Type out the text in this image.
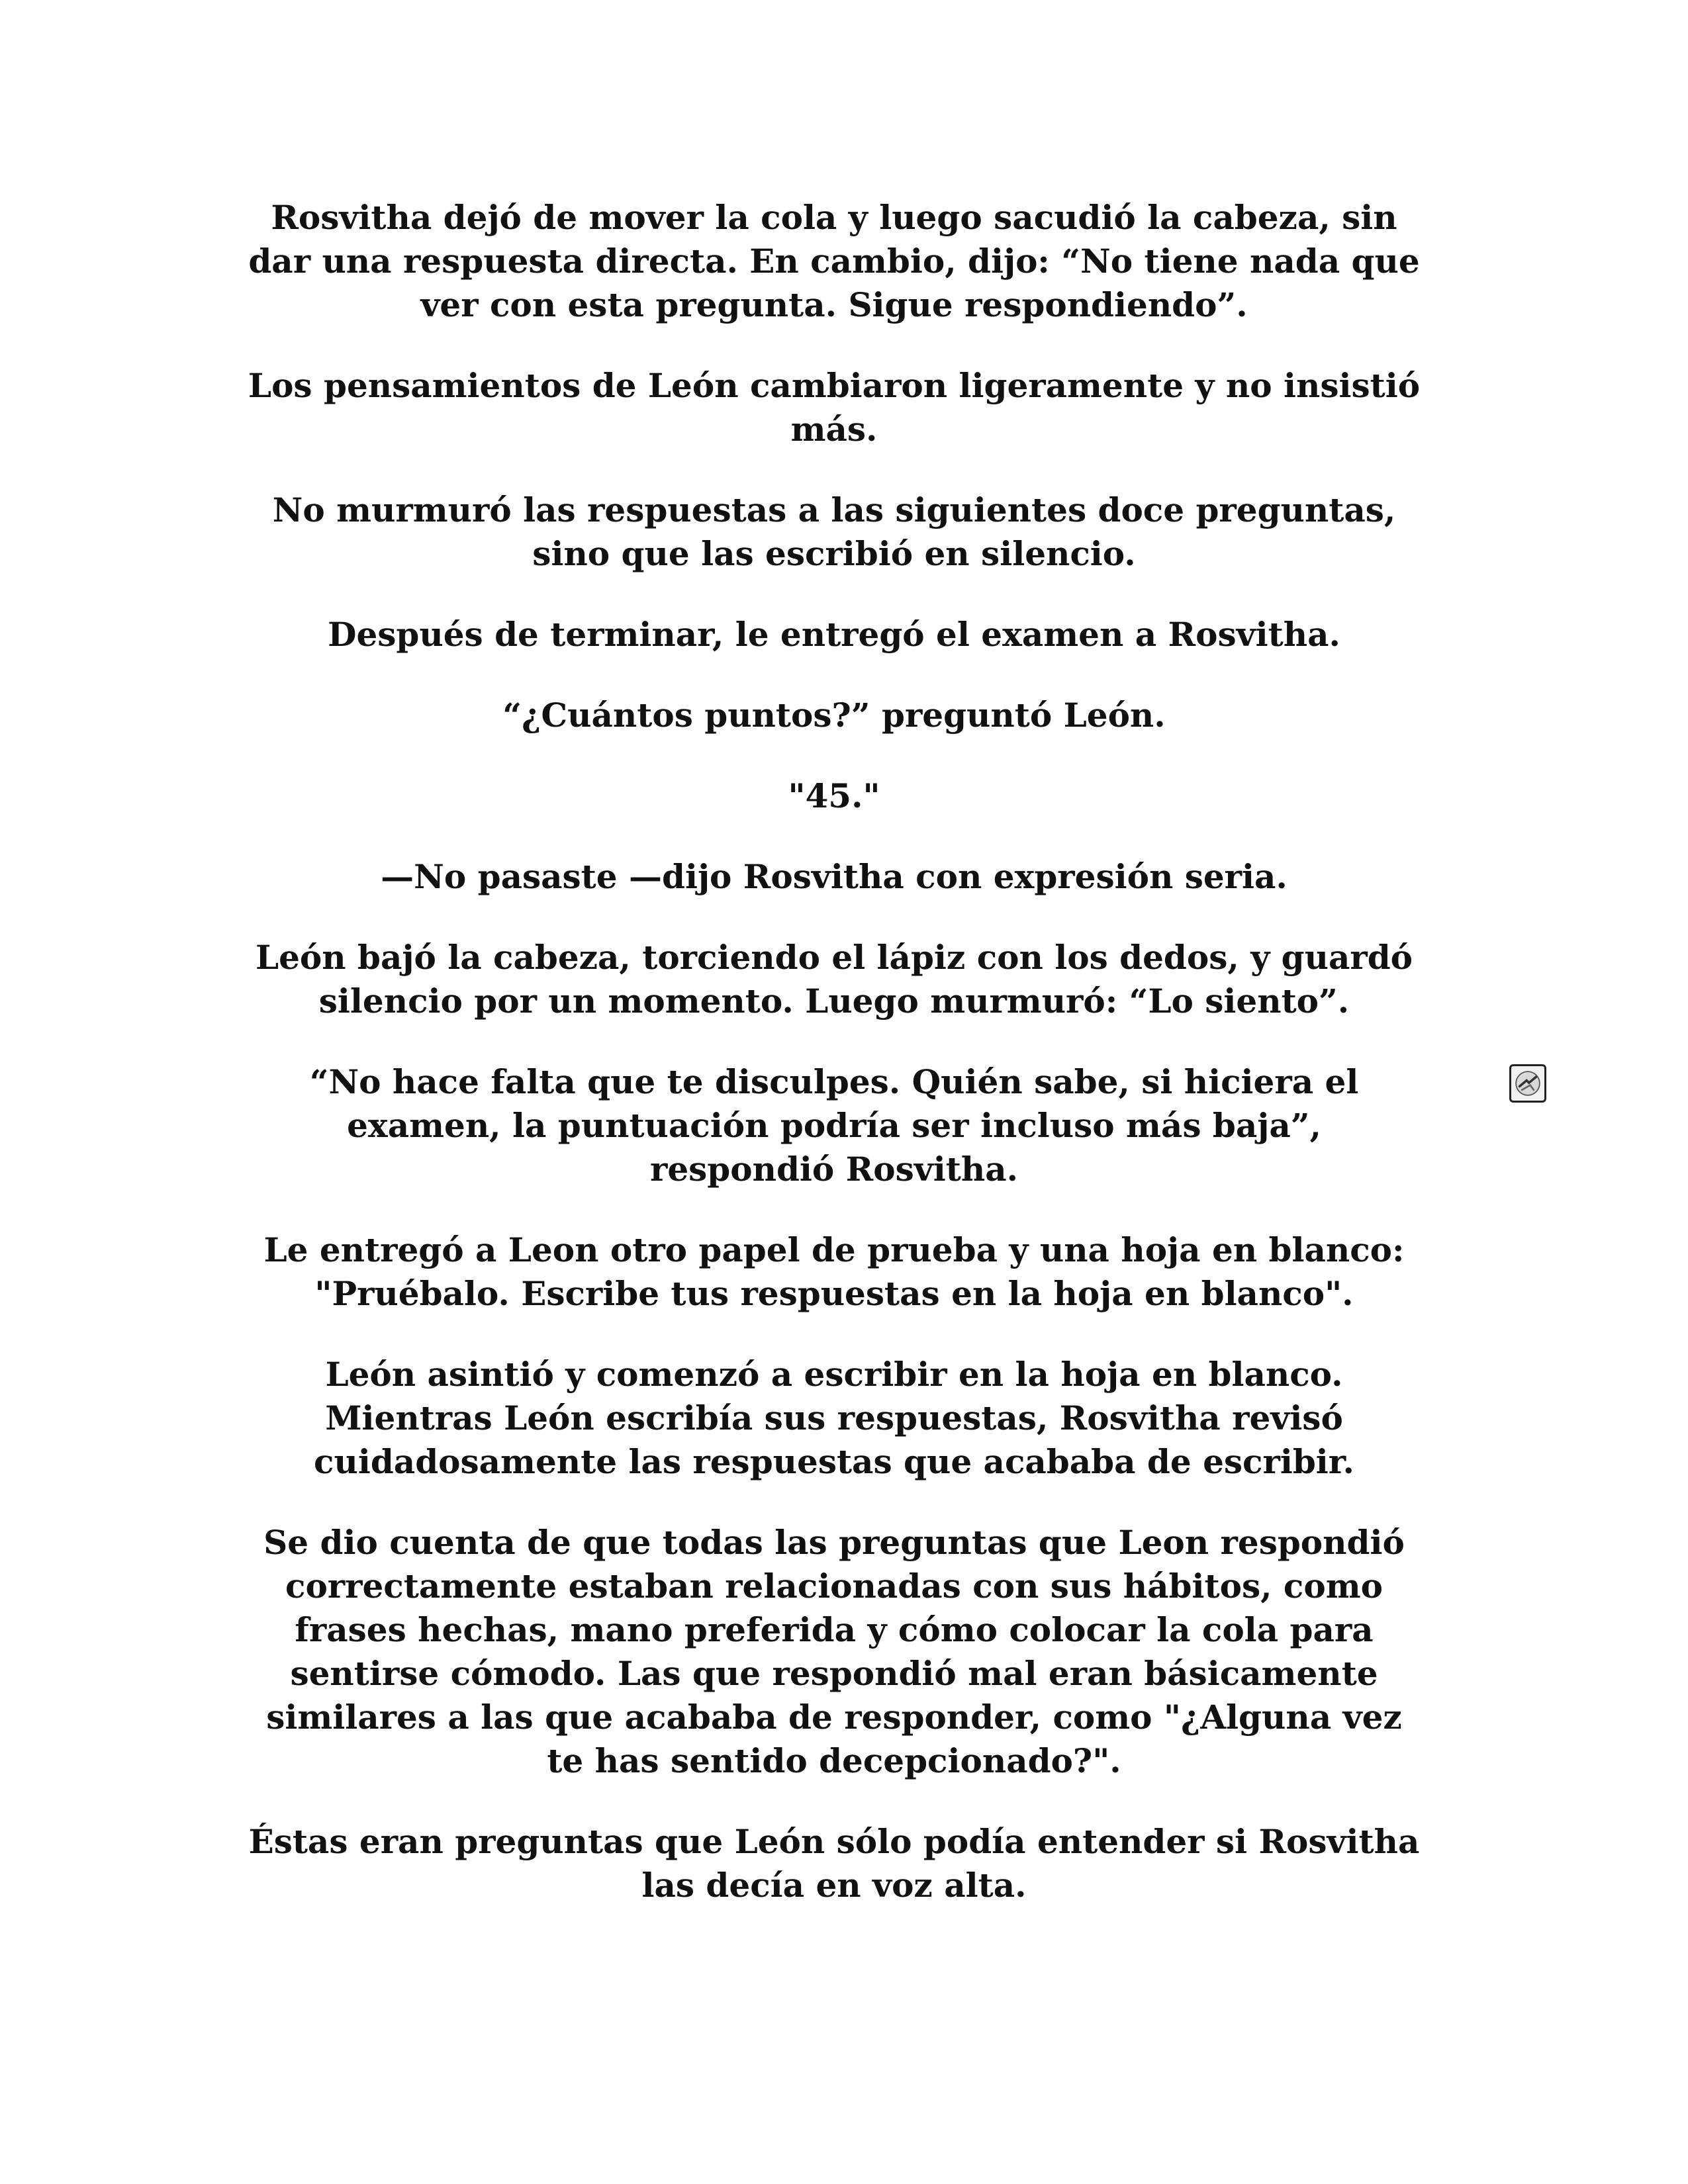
Rosvitha dejó de mover la cola y luego sacudió la cabeza, sin
dar una respuesta directa. En cambio, dijo: “No tiene nada que
ver con esta pregunta. Sigue respondiendo”.

Los pensamientos de León cambiaron ligeramente y no insistió
más.

No murmuró las respuestas a las siguientes doce preguntas,
sino que las escribió en silencio.

Después de terminar, le entregó el examen a Rosvitha.

“¿Cuántos puntos?” preguntó León.

"45."

—No pasaste —dijo Rosvitha con expresión seria.

León bajó la cabeza, torciendo el lápiz con los dedos, y guardó
silencio por un momento. Luego murmuró: “Lo siento”.

“No hace falta que te disculpes. Quién sabe, si hiciera el
examen, la puntuación podría ser incluso más baja”,
respondió Rosvitha.

Le entregó a Leon otro papel de prueba y una hoja en blanco:
"Pruébalo. Escribe tus respuestas en la hoja en blanco".

León asintió y comenzó a escribir en la hoja en blanco.
Mientras León escribía sus respuestas, Rosvitha revisó
cuidadosamente las respuestas que acababa de escribir.

Se dio cuenta de que todas las preguntas que Leon respondió
correctamente estaban relacionadas con sus hábitos, como
frases hechas, mano preferida y cómo colocar la cola para
sentirse cómodo. Las que respondió mal eran básicamente
similares a las que acababa de responder, como "¿Alguna vez
te has sentido decepcionado?".

Éstas eran preguntas que León sólo podía entender si Rosvitha
las decía en voz alta.
